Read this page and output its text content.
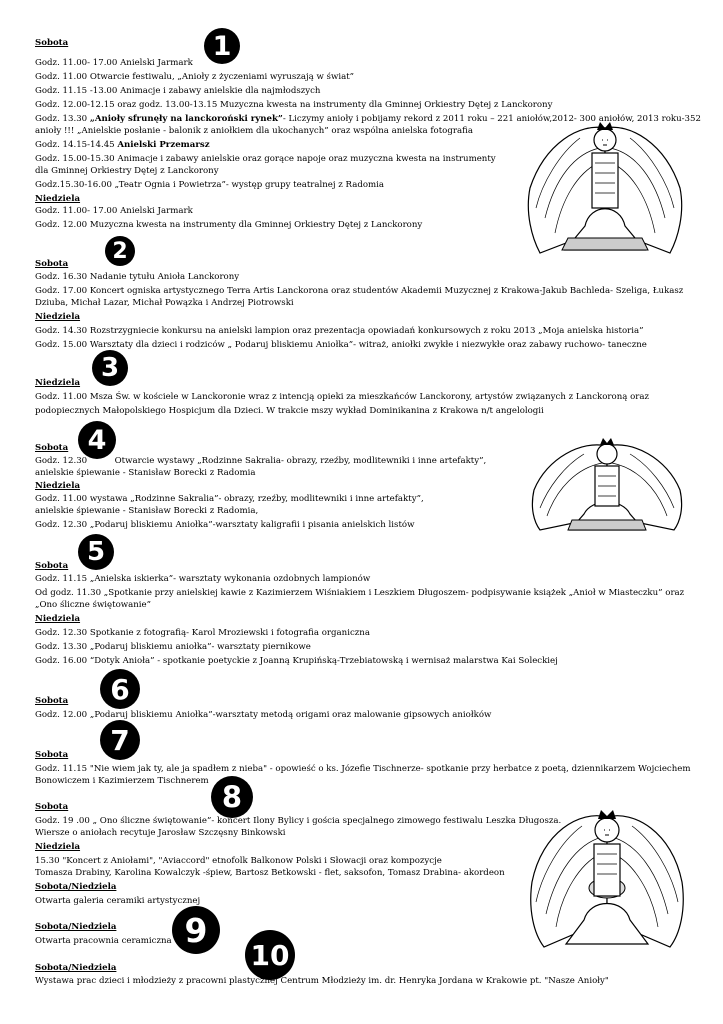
Sobota	1
Godz. 11.00- 17.00 Anielski Jarmark
Godz. 11.00 Otwarcie festiwalu, „Anioły z życzeniami wyruszają w świat”
Godz. 11.15 -13.00 Animacje i zabawy anielskie dla najmłodszych
Godz. 12.00-12.15 oraz godz. 13.00-13.15 Muzyczna kwesta na instrumenty dla Gminnej Orkiestry Dętej z Lanckorony
Godz. 13.30 „Anioły sfrunęły na lanckoroński rynek”- Liczymy anioły i pobijamy rekord z 2011 roku – 221 aniołów,2012- 300 aniołów, 2013 roku-352
anioły !!! „Anielskie posłanie - balonik z aniołkiem dla ukochanych” oraz wspólna anielska fotografia
Godz. 14.15-14.45 Anielski Przemarsz
Godz. 15.00-15.30 Animacje i zabawy anielskie oraz gorące napoje oraz muzyczna kwesta na instrumenty
dla Gminnej Orkiestry Dętej z Lanckorony
Godz.15.30-16.00 „Teatr Ognia i Powietrza”- występ grupy teatralnej z Radomia
Niedziela
Godz. 11.00- 17.00 Anielski Jarmark
Godz. 12.00 Muzyczna kwesta na instrumenty dla Gminnej Orkiestry Dętej z Lanckorony
2
Sobota
Godz. 16.30 Nadanie tytułu Anioła Lanckorony
Godz. 17.00 Koncert ogniska artystycznego Terra Artis Lanckorona oraz studentów Akademii Muzycznej z Krakowa-Jakub Bachleda- Szeliga, Łukasz
Dziuba, Michał Lazar, Michał Powązka i Andrzej Piotrowski
Niedziela
Godz. 14.30 Rozstrzygniecie konkursu na anielski lampion oraz prezentacja opowiadań konkursowych z roku 2013 „Moja anielska historia”
Godz. 15.00 Warsztaty dla dzieci i rodziców „ Podaruj bliskiemu Aniołka”- witraż, aniołki zwykłe i niezwykłe oraz zabawy ruchowo- taneczne
3
Niedziela
Godz. 11.00 Msza Św. w kościele w Lanckoronie wraz z intencją opieki za mieszkańców Lanckorony, artystów związanych z Lanckoroną oraz
podopiecznych Małopolskiego Hospicjum dla Dzieci. W trakcie mszy wykład Dominikanina z Krakowa n/t angelologii
4
Sobota
Godz. 12.30	Otwarcie wystawy „Rodzinne Sakralia- obrazy, rzeźby, modlitewniki i inne artefakty”,
anielskie śpiewanie - Stanisław Borecki z Radomia
Niedziela
Godz. 11.00 wystawa „Rodzinne Sakralia”- obrazy, rzeźby, modlitewniki i inne artefakty”,
anielskie śpiewanie - Stanisław Borecki z Radomia,
Godz. 12.30 „Podaruj bliskiemu Aniołka”-warsztaty kaligrafii i pisania anielskich listów
5
Sobota
Godz. 11.15 „Anielska iskierka”- warsztaty wykonania ozdobnych lampionów
Od godz. 11.30 „Spotkanie przy anielskiej kawie z Kazimierzem Wiśniakiem i Leszkiem Długoszem- podpisywanie książek „Anioł w Miasteczku” oraz
„Ono śliczne świętowanie”
Niedziela
Godz. 12.30 Spotkanie z fotografią- Karol Mroziewski i fotografia organiczna
Godz. 13.30 „Podaruj bliskiemu aniołka”- warsztaty piernikowe
Godz. 16.00 “Dotyk Anioła” - spotkanie poetyckie z Joanną Krupińską-Trzebiatowską i wernisaż malarstwa Kai Soleckiej
6
Sobota
Godz. 12.00 „Podaruj bliskiemu Aniołka”-warsztaty metodą origami oraz malowanie gipsowych aniołków
7
Sobota
Godz. 11.15 "Nie wiem jak ty, ale ja spadłem z nieba" - opowieść o ks. Józefie Tischnerze- spotkanie przy herbatce z poetą, dziennikarzem Wojciechem
Bonowiczem i Kazimierzem Tischnerem 8
Sobota
Godz. 19 .00 „ Ono śliczne świętowanie”- koncert Ilony Bylicy i gościa specjalnego zimowego festiwalu Leszka Długosza.
Wiersze o aniołach recytuje Jarosław Szczęsny Binkowski
Niedziela
15.30 "Koncert z Aniołami", "Aviaccord" etnofolk Balkonow Polski i Słowacji oraz kompozycje
Tomasza Drabiny, Karolina Kowalczyk -śpiew, Bartosz Betkowski - flet, saksofon, Tomasz Drabina- akordeon
Sobota/Niedziela
Otwarta galeria ceramiki artystycznej
9
Sobota/Niedziela
Otwarta pracownia ceramiczna	10
Sobota/Niedziela
Wystawa prac dzieci i młodzieży z pracowni plastycznej Centrum Młodzieży im. dr. Henryka Jordana w Krakowie pt. "Nasze Anioły"
